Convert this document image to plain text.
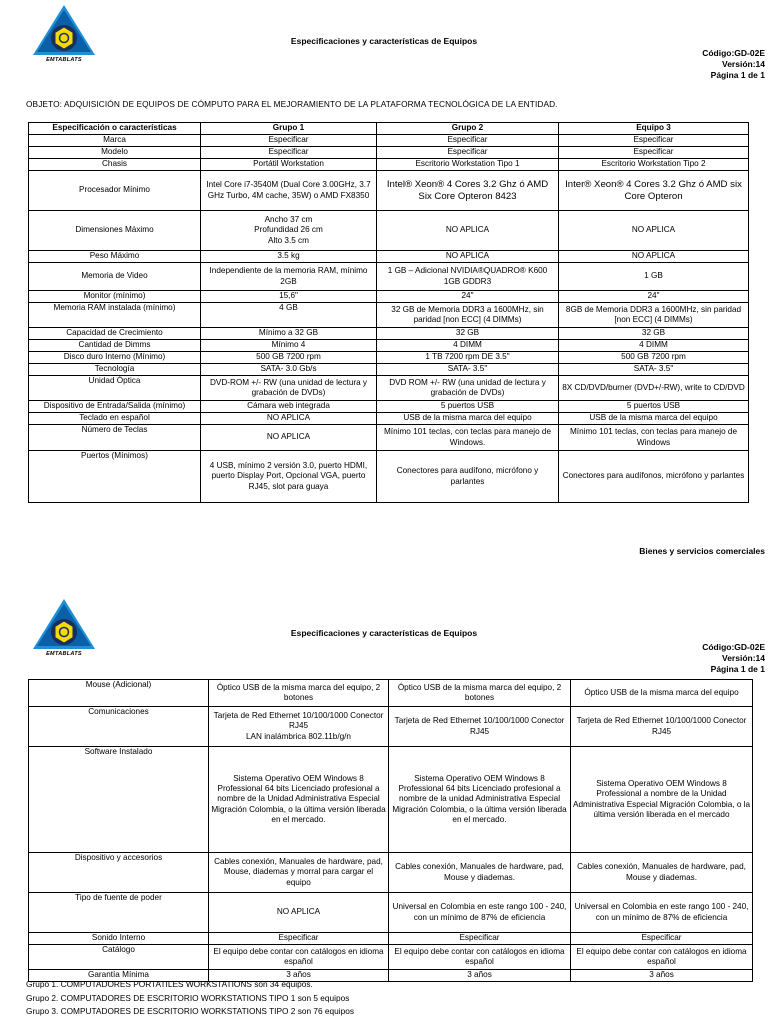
EMTABLATS
Especificaciones y características de Equipos
Código:GD-02E
Versión:14
Página 1 de 1
OBJETO: ADQUISICIÓN DE EQUIPOS DE CÓMPUTO PARA EL MEJORAMIENTO DE LA PLATAFORMA TECNOLÓGICA DE LA ENTIDAD.
Especificación o características	Grupo 1	Grupo 2	Equipo 3
Marca	Especificar	Especificar	Especificar
Modelo	Especificar	Especificar	Especificar
Chasis	Portátil Workstation	Escritorio Workstation Tipo 1	Escritorio Workstation Tipo 2
Procesador Mínimo	Intel Core i7-3540M (Dual Core 3.00GHz, 3.7 GHz Turbo, 4M cache, 35W) o AMD FX8350	Intel® Xeon® 4 Cores 3.2 Ghz ó AMD Six Core Opteron 8423	Inter® Xeon® 4 Cores 3.2 Ghz ó AMD six Core Opteron
Dimensiones Máximo	Ancho 37 cm
Profundidad 26 cm
Alto 3.5 cm	NO APLICA	NO APLICA
Peso Máximo	3.5 kg	NO APLICA	NO APLICA
Memoria de Video	Independiente de la memoria RAM, mínimo 2GB	1 GB – Adicional NVIDIA®QUADRO® K600 1GB GDDR3	1 GB
Monitor (mínimo)	15,6"	24"	24"
Memoria RAM instalada (mínimo)	4 GB	32 GB de Memoria DDR3 a 1600MHz, sin paridad [non ECC] (4 DIMMs)	8GB de Memoria DDR3 a 1600MHz, sin paridad [non ECC] (4 DIMMs)
Capacidad de Crecimiento	Mínimo a 32 GB	32 GB	32 GB
Cantidad de Dimms	Mínimo 4	4 DIMM	4 DIMM
Disco duro Interno (Mínimo)	500 GB 7200 rpm	1 TB 7200 rpm DE 3.5"	500 GB 7200 rpm
Tecnología	SATA- 3.0 Gb/s	SATA- 3.5"	SATA- 3.5"
Unidad Óptica	DVD-ROM +/- RW (una unidad de lectura y grabación de DVDs)	DVD ROM +/- RW (una unidad de lectura y grabación de DVDs)	8X CD/DVD/burner (DVD+/-RW), write to CD/DVD
Dispositivo de Entrada/Salida (mínimo)	Cámara web integrada	5 puertos USB	5 puertos USB
Teclado en español	NO APLICA	USB de la misma marca del equipo	USB de la misma marca del equipo
Número de Teclas	NO APLICA	Mínimo 101 teclas, con teclas para manejo de Windows.	Mínimo 101 teclas, con teclas para manejo de Windows
Puertos (Mínimos)	4 USB, mínimo 2 versión 3.0, puerto HDMI, puerto Display Port, Opcional VGA, puerto RJ45, slot para guaya	Conectores para audífono, micrófono y parlantes	Conectores para audífonos, micrófono y parlantes
Bienes y servicios comerciales
EMTABLATS
Especificaciones y características de Equipos
Código:GD-02E
Versión:14
Página 1 de 1
Mouse (Adicional)	Óptico USB de la misma marca del equipo, 2 botones	Óptico USB de la misma marca del equipo, 2 botones	Óptico USB de la misma marca del equipo
Comunicaciones	Tarjeta de Red Ethernet 10/100/1000 Conector RJ45
LAN inalámbrica 802.11b/g/n	Tarjeta de Red Ethernet 10/100/1000 Conector RJ45	Tarjeta de Red Ethernet 10/100/1000 Conector RJ45
Software Instalado	Sistema Operativo OEM Windows 8 Professional 64 bits Licenciado profesional a nombre de la Unidad Administrativa Especial Migración Colombia, o la última versión liberada en el mercado.	Sistema Operativo OEM Windows 8 Professional 64 bits Licenciado profesional a nombre de la unidad Administrativa Especial Migración Colombia, o la última versión liberada en el mercado.	Sistema Operativo OEM Windows 8 Professional a nombre de la Unidad Administrativa Especial Migración Colombia, o la última versión liberada en el mercado
Dispositivo y accesorios	Cables conexión, Manuales de hardware, pad, Mouse, diademas y morral para cargar el equipo	Cables conexión, Manuales de hardware, pad, Mouse y diademas.	Cables conexión, Manuales de hardware, pad, Mouse y diademas.
Tipo de fuente de poder	NO APLICA	Universal en Colombia en este rango 100 - 240, con un mínimo de 87% de eficiencia	Universal en Colombia en este rango 100 - 240, con un mínimo de 87% de eficiencia
Sonido Interno	Especificar	Especificar	Especificar
Catálogo	El equipo debe contar con catálogos en idioma español	El equipo debe contar con catálogos en idioma español	El equipo debe contar con catálogos en idioma español
Garantía Mínima	3 años	3 años	3 años
Grupo 1. COMPUTADORES PORTATILES WORKSTATIONS son 34 equipos.
Grupo 2. COMPUTADORES DE ESCRITORIO WORKSTATIONS TIPO 1 son 5 equipos
Grupo 3. COMPUTADORES DE ESCRITORIO WORKSTATIONS TIPO 2 son 76 equipos
